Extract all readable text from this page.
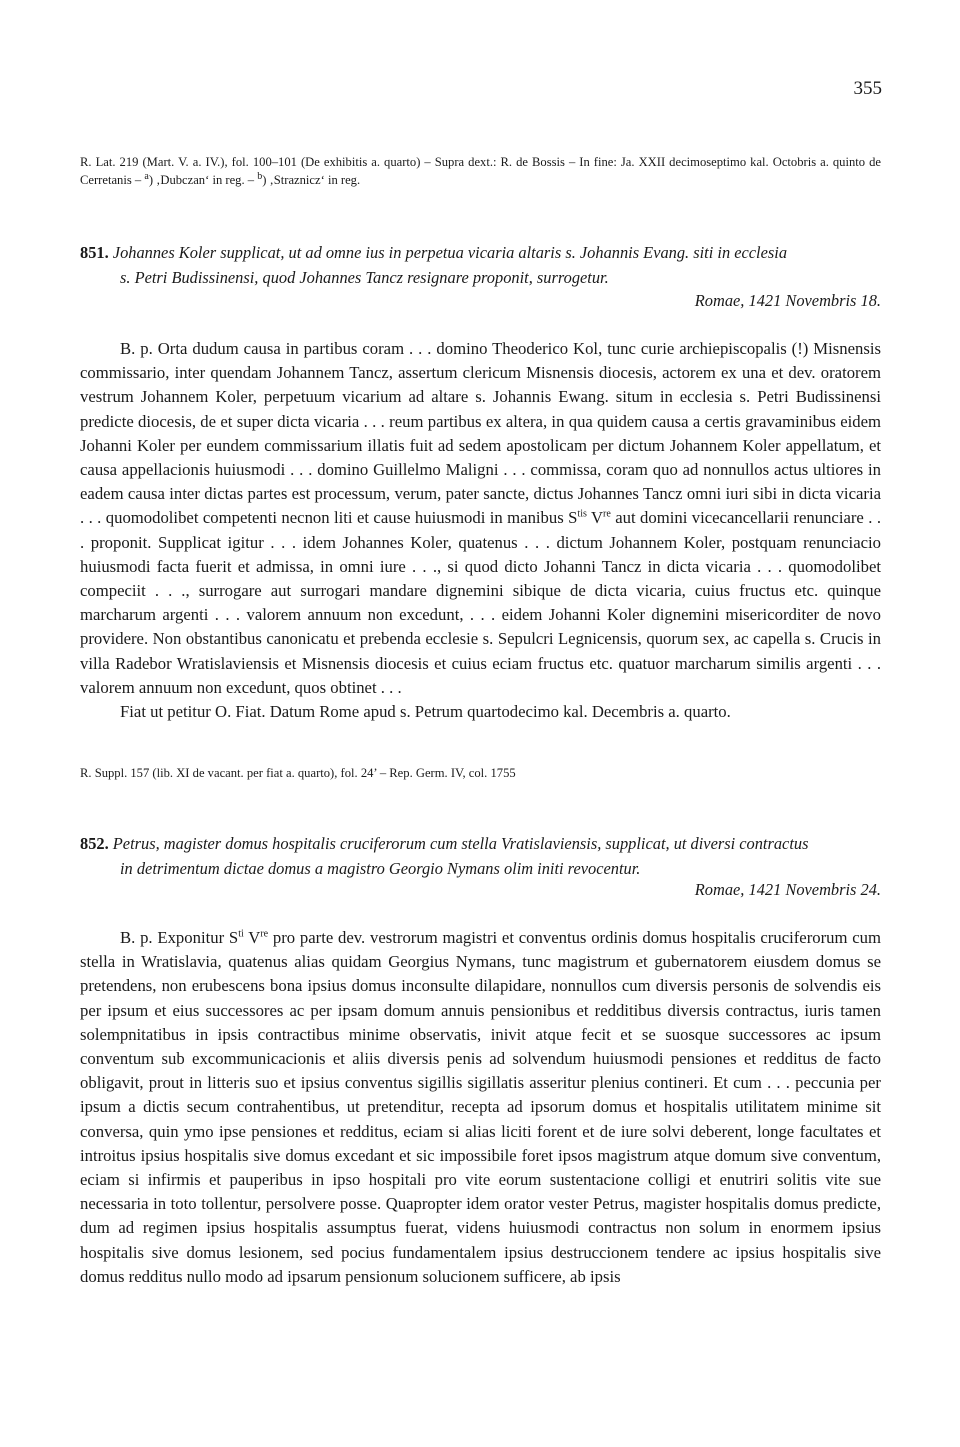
355
R. Lat. 219 (Mart. V. a. IV.), fol. 100–101 (De exhibitis a. quarto) – Supra dext.: R. de Bossis – In fine: Ja. XXII decimoseptimo kal. Octobris a. quinto de Cerretanis – $^a$) ‚Dubczan‘ in reg. – $^b$) ‚Straznicz‘ in reg.
851. Johannes Koler supplicat, ut ad omne ius in perpetua vicaria altaris s. Johannis Evang. siti in ecclesia
s. Petri Budissinensi, quod Johannes Tancz resignare proponit, surrogetur.
Romae, 1421 Novembris 18.

B. p. Orta dudum causa in partibus coram . . . domino Theoderico Kol, tunc curie archiepiscopalis (!) Misnensis commissario, inter quendam Johannem Tancz, assertum clericum Misnensis diocesis, actorem ex una et dev. oratorem vestrum Johannem Koler, perpetuum vicarium ad altare s. Johannis Ewang. situm in ecclesia s. Petri Budissinensi predicte diocesis, de et super dicta vicaria . . . reum partibus ex altera, in qua quidem causa a certis gravaminibus eidem Johanni Koler per eundem commissarium illatis fuit ad sedem apostolicam per dictum Johannem Koler appellatum, et causa appellacionis huiusmodi . . . domino Guillelmo Maligni . . . commissa, coram quo ad nonnullos actus ultiores in eadem causa inter dictas partes est processum, verum, pater sancte, dictus Johannes Tancz omni iuri sibi in dicta vicaria . . . quomodolibet competenti necnon liti et cause huiusmodi in manibus $S^{tis}$ Vre aut domini vicecancellarii renunciare . . . proponit. Supplicat igitur . . . idem Johannes Koler, quatenus . . . dictum Johannem Koler, postquam renunciacio huiusmodi facta fuerit et admissa, in omni iure . . ., si quod dicto Johanni Tancz in dicta vicaria . . . quomodolibet compeciit . . ., surrogare aut surrogari mandare dignemini sibique de dicta vicaria, cuius fructus etc. quinque marcharum argenti . . . valorem annuum non excedunt, . . . eidem Johanni Koler dignemini misericorditer de novo providere. Non obstantibus canonicatu et prebenda ecclesie s. Sepulcri Legnicensis, quorum sex, ac capella s. Crucis in villa Radebor Wratislaviensis et Misnensis diocesis et cuius eciam fructus etc. quatuor marcharum similis argenti . . . valorem annuum non excedunt, quos obtinet . . .

Fiat ut petitur O. Fiat. Datum Rome apud s. Petrum quartodecimo kal. Decembris a. quarto.

R. Suppl. 157 (lib. XI de vacant. per fiat a. quarto), fol. 24’ – Rep. Germ. IV, col. 1755
852. Petrus, magister domus hospitalis cruciferorum cum stella Vratislaviensis, supplicat, ut diversi contractus
in detrimentum dictae domus a magistro Georgio Nymans olim initi revocentur.
Romae, 1421 Novembris 24.

B. p. Exponitur $S^{ti}$ Vre pro parte dev. vestrorum magistri et conventus ordinis domus hospitalis cruciferorum cum stella in Wratislavia, quatenus alias quidam Georgius Nymans, tunc magistrum et gubernatorem eiusdem domus se pretendens, non erubescens bona ipsius domus inconsulte dilapidare, nonnullos cum diversis personis de solvendis eis per ipsum et eius successores ac per ipsam domum annuis pensionibus et redditibus diversis contractus, iuris tamen solempnitatibus in ipsis contractibus minime observatis, inivit atque fecit et se suosque successores ac ipsum conventum sub excommunicacionis et aliis diversis penis ad solvendum huiusmodi pensiones et redditus de facto obligavit, prout in litteris suo et ipsius conventus sigillis sigillatis asseritur plenius contineri. Et cum . . . peccunia per ipsum a dictis secum contrahentibus, ut pretenditur, recepta ad ipsorum domus et hospitalis utilitatem minime sit conversa, quin ymo ipse pensiones et redditus, eciam si alias liciti forent et de iure solvi deberent, longe facultates et introitus ipsius hospitalis sive domus excedant et sic impossibile foret ipsos magistrum atque domum sive conventum, eciam si infirmis et pauperibus in ipso hospitali pro vite eorum sustentacione colligi et enutriri solitis vite sue necessaria in toto tollentur, persolvere posse. Quapropter idem orator vester Petrus, magister hospitalis domus predicte, dum ad regimen ipsius hospitalis assumptus fuerat, videns huiusmodi contractus non solum in enormem ipsius hospitalis sive domus lesionem, sed pocius fundamentalem ipsius destruccionem tendere ac ipsius hospitalis sive domus redditus nullo modo ad ipsarum pensionum solucionem sufficere, ab ipsis
